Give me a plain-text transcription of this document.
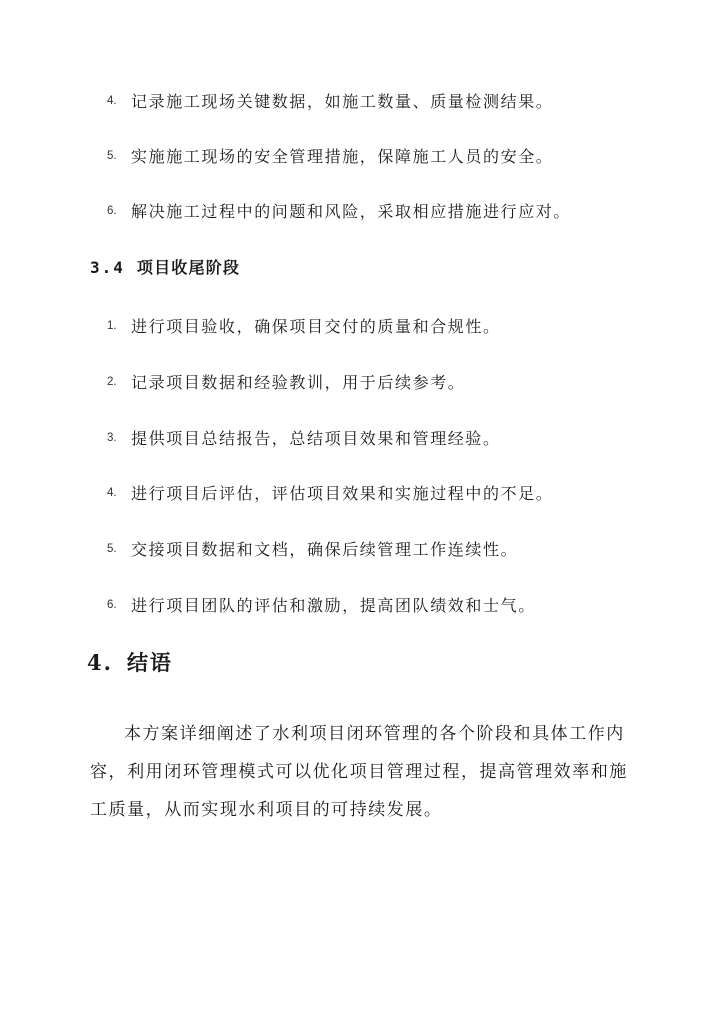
4. 记录施工现场关键数据，如施工数量、质量检测结果。
5. 实施施工现场的安全管理措施，保障施工人员的安全。
6. 解决施工过程中的问题和风险，采取相应措施进行应对。
3.4 项目收尾阶段
1. 进行项目验收，确保项目交付的质量和合规性。
2. 记录项目数据和经验教训，用于后续参考。
3. 提供项目总结报告，总结项目效果和管理经验。
4. 进行项目后评估，评估项目效果和实施过程中的不足。
5. 交接项目数据和文档，确保后续管理工作连续性。
6. 进行项目团队的评估和激励，提高团队绩效和士气。
4. 结语

本方案详细阐述了水利项目闭环管理的各个阶段和具体工作内容，利用闭环管理模式可以优化项目管理过程，提高管理效率和施工质量，从而实现水利项目的可持续发展。
